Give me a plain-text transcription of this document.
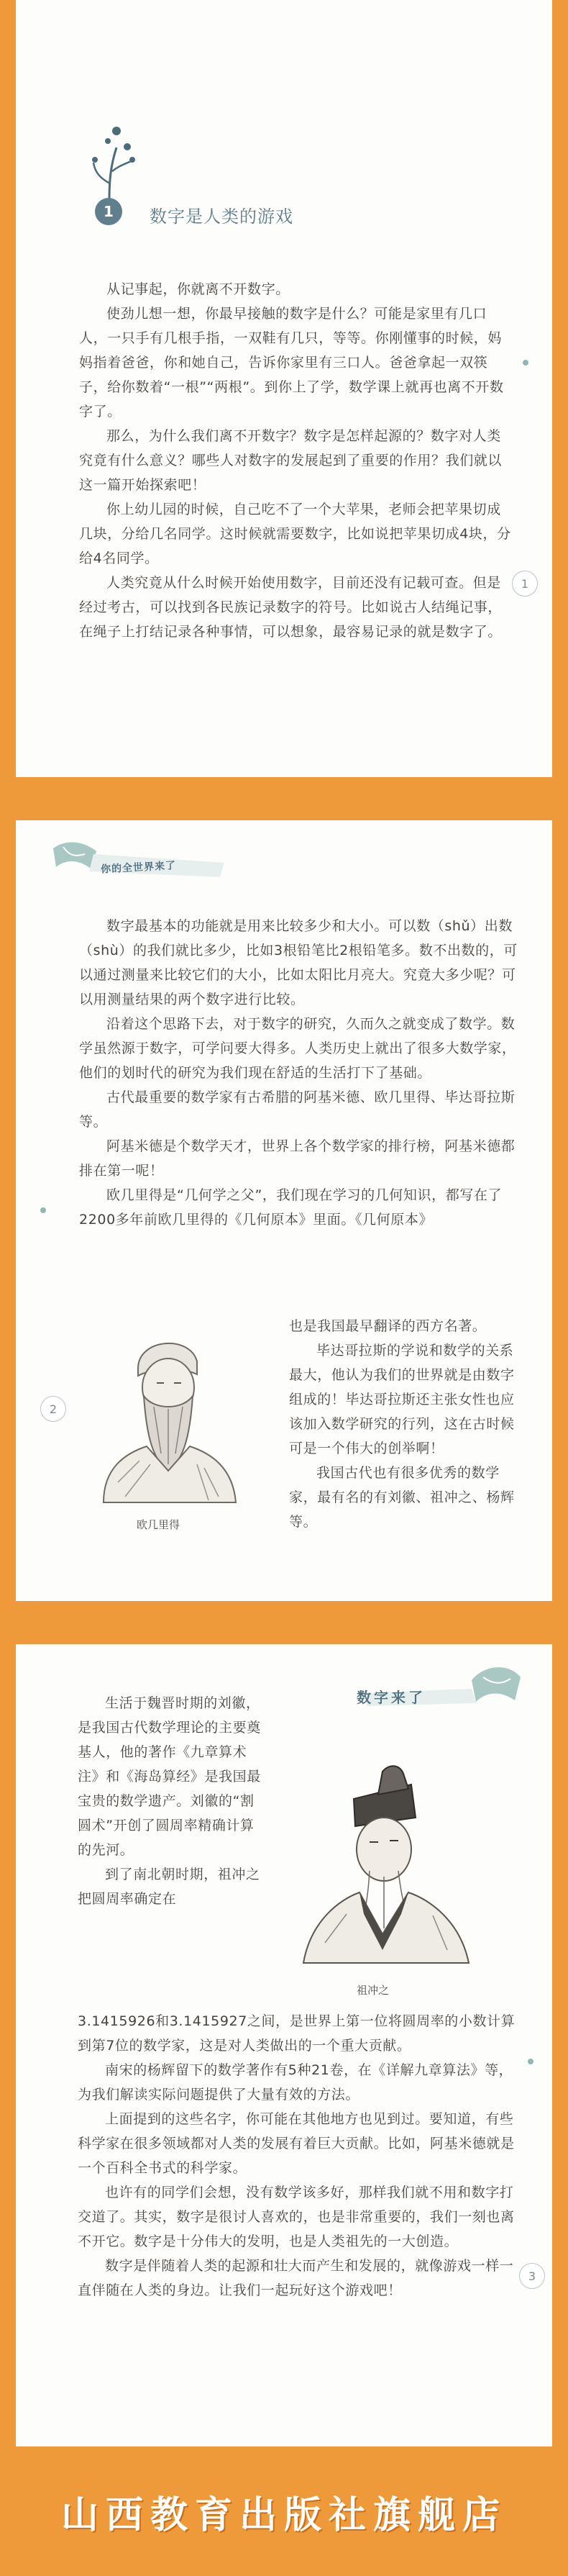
1	数字是人类的游戏

从记事起，你就离不开数字。

使劲儿想一想，你最早接触的数字是什么？可能是家里有几口人，一只手有几根手指，一双鞋有几只，等等。你刚懂事的时候，妈妈指着爸爸，你和她自己，告诉你家里有三口人。爸爸拿起一双筷子，给你数着“一根”“两根”。到你上了学，数学课上就再也离不开数字了。

那么，为什么我们离不开数字？数字是怎样起源的？数字对人类究竟有什么意义？哪些人对数字的发展起到了重要的作用？我们就以这一篇开始探索吧！

你上幼儿园的时候，自己吃不了一个大苹果，老师会把苹果切成几块，分给几名同学。这时候就需要数字，比如说把苹果切成4块，分给4名同学。

人类究竟从什么时候开始使用数字，目前还没有记载可查。但是经过考古，可以找到各民族记录数字的符号。比如说古人结绳记事，在绳子上打结记录各种事情，可以想象，最容易记录的就是数字了。

1
你的全世界来了

数字最基本的功能就是用来比较多少和大小。可以数（shǔ）出数（shù）的我们就比多少，比如3根铅笔比2根铅笔多。数不出数的，可以通过测量来比较它们的大小，比如太阳比月亮大。究竟大多少呢？可以用测量结果的两个数字进行比较。

沿着这个思路下去，对于数字的研究，久而久之就变成了数学。数学虽然源于数字，可学问要大得多。人类历史上就出了很多大数学家，他们的划时代的研究为我们现在舒适的生活打下了基础。

古代最重要的数学家有古希腊的阿基米德、欧几里得、毕达哥拉斯等。

阿基米德是个数学天才，世界上各个数学家的排行榜，阿基米德都排在第一呢！

欧几里得是“几何学之父”，我们现在学习的几何知识，都写在了2200多年前欧几里得的《几何原本》里面。《几何原本》

欧几里得

也是我国最早翻译的西方名著。

毕达哥拉斯的学说和数学的关系最大，他认为我们的世界就是由数字组成的！毕达哥拉斯还主张女性也应该加入数学研究的行列，这在古时候可是一个伟大的创举啊！

我国古代也有很多优秀的数学家，最有名的有刘徽、祖冲之、杨辉等。

2
数字来了

生活于魏晋时期的刘徽，是我国古代数学理论的主要奠基人，他的著作《九章算术注》和《海岛算经》是我国最宝贵的数学遗产。刘徽的“割圆术”开创了圆周率精确计算的先河。

到了南北朝时期，祖冲之把圆周率确定在

祖冲之

3.1415926和3.1415927之间，是世界上第一位将圆周率的小数计算到第7位的数学家，这是对人类做出的一个重大贡献。

南宋的杨辉留下的数学著作有5种21卷，在《详解九章算法》等，为我们解读实际问题提供了大量有效的方法。

上面提到的这些名字，你可能在其他地方也见到过。要知道，有些科学家在很多领域都对人类的发展有着巨大贡献。比如，阿基米德就是一个百科全书式的科学家。

也许有的同学们会想，没有数学该多好，那样我们就不用和数字打交道了。其实，数字是很讨人喜欢的，也是非常重要的，我们一刻也离不开它。数字是十分伟大的发明，也是人类祖先的一大创造。

数字是伴随着人类的起源和壮大而产生和发展的，就像游戏一样一直伴随在人类的身边。让我们一起玩好这个游戏吧！

3
山西教育出版社旗舰店
